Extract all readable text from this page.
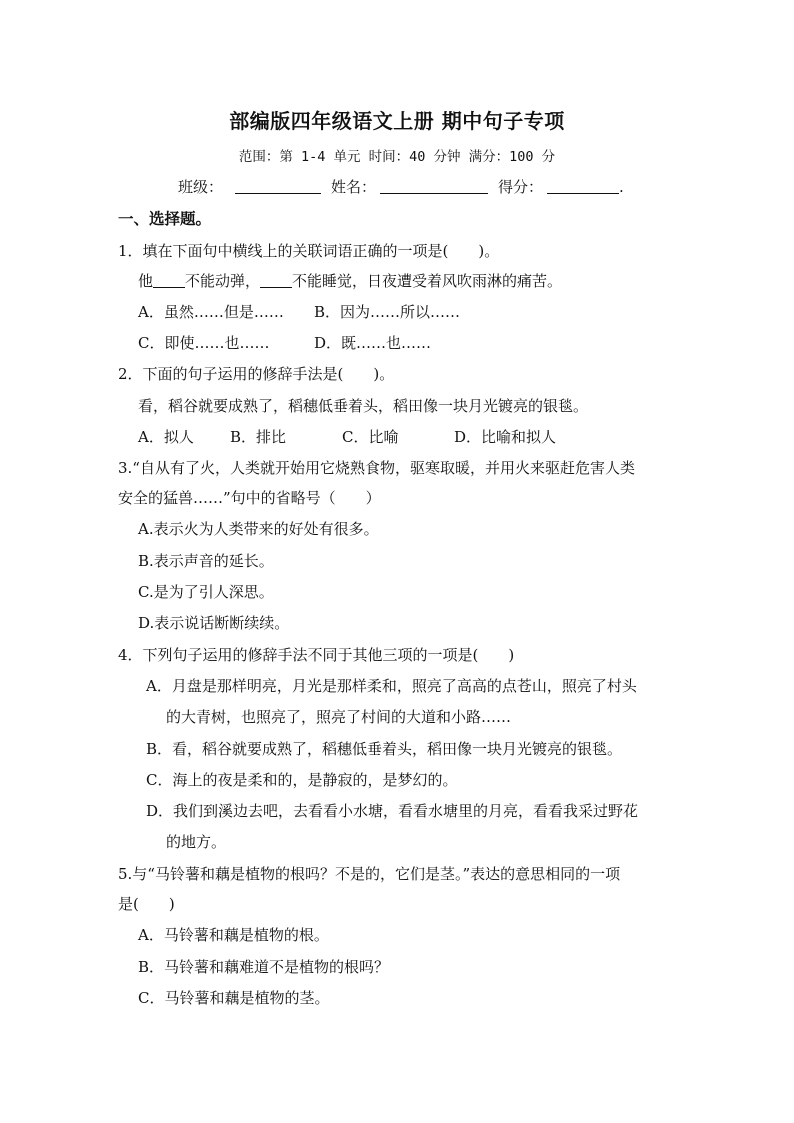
部编版四年级语文上册 期中句子专项
范围：第 1-4 单元 时间：40 分钟 满分：100 分
班级：	姓名：	得分：	.
一、选择题。
1．填在下面句中横线上的关联词语正确的一项是(　　)。
他 不能动弹， 不能睡觉，日夜遭受着风吹雨淋的痛苦。
A．虽然……但是…… B．因为……所以……
C．即使……也……	D．既……也……
2．下面的句子运用的修辞手法是(　　)。
看，稻谷就要成熟了，稻穗低垂着头，稻田像一块月光镀亮的银毯。
A．拟人 B．排比	C．比喻	D．比喻和拟人
3.“自从有了火，人类就开始用它烧熟食物，驱寒取暖，并用火来驱赶危害人类
安全的猛兽……”句中的省略号（　　）
A.表示火为人类带来的好处有很多。
B.表示声音的延长。
C.是为了引人深思。
D.表示说话断断续续。
4．下列句子运用的修辞手法不同于其他三项的一项是(　　)
A．月盘是那样明亮，月光是那样柔和，照亮了高高的点苍山，照亮了村头
的大青树，也照亮了，照亮了村间的大道和小路……
B．看，稻谷就要成熟了，稻穗低垂着头，稻田像一块月光镀亮的银毯。
C．海上的夜是柔和的，是静寂的，是梦幻的。
D．我们到溪边去吧，去看看小水塘，看看水塘里的月亮，看看我采过野花
的地方。
5.与“马铃薯和藕是植物的根吗？不是的，它们是茎。”表达的意思相同的一项
是(　　)
A．马铃薯和藕是植物的根。
B．马铃薯和藕难道不是植物的根吗？
C．马铃薯和藕是植物的茎。
